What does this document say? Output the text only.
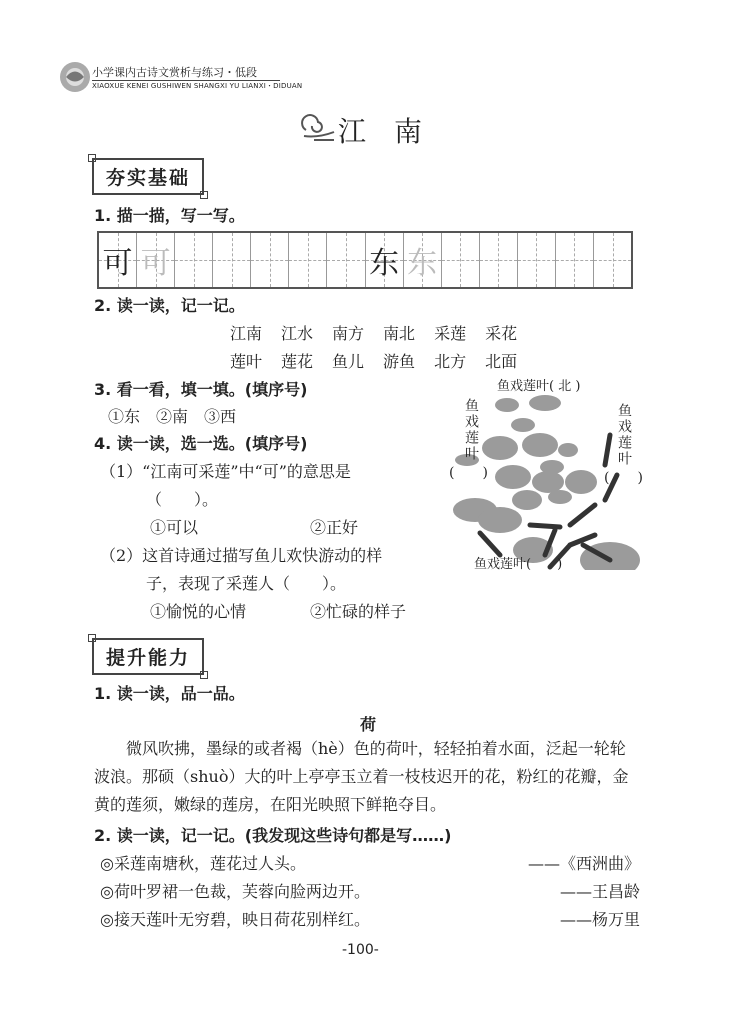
小学课内古诗文赏析与练习・低段
XIAOXUE KENEI GUSHIWEN SHANGXI YU LIANXI・DIDUAN
江　南
夯实基础
1. 描一描，写一写。
可 可	东 东
2. 读一读，记一记。
江南 江水 南方 南北 采莲 采花
莲叶 莲花 鱼儿 游鱼 北方 北面
3. 看一看，填一填。(填序号)
①东　②南　③西
4. 读一读，选一选。(填序号)
（1）“江南可采莲”中“可”的意思是
（　　）。
①可以	②正好
（2）这首诗通过描写鱼儿欢快游动的样
子，表现了采莲人（　　）。
①愉悦的心情	②忙碌的样子
鱼戏莲叶( 北 )
鱼戏莲叶
(　　)
鱼戏莲叶
(　　)
鱼戏莲叶(　　)
提升能力
1. 读一读，品一品。
荷
微风吹拂，墨绿的或者褐（hè）色的荷叶，轻轻拍着水面，泛起一轮轮波浪。那硕（shuò）大的叶上亭亭玉立着一枝枝迟开的花，粉红的花瓣，金黄的莲须，嫩绿的莲房，在阳光映照下鲜艳夺目。
2. 读一读，记一记。(我发现这些诗句都是写……)
◎采莲南塘秋，莲花过人头。	——《西洲曲》
◎荷叶罗裙一色裁，芙蓉向脸两边开。	——王昌龄
◎接天莲叶无穷碧，映日荷花别样红。	——杨万里
-100-
